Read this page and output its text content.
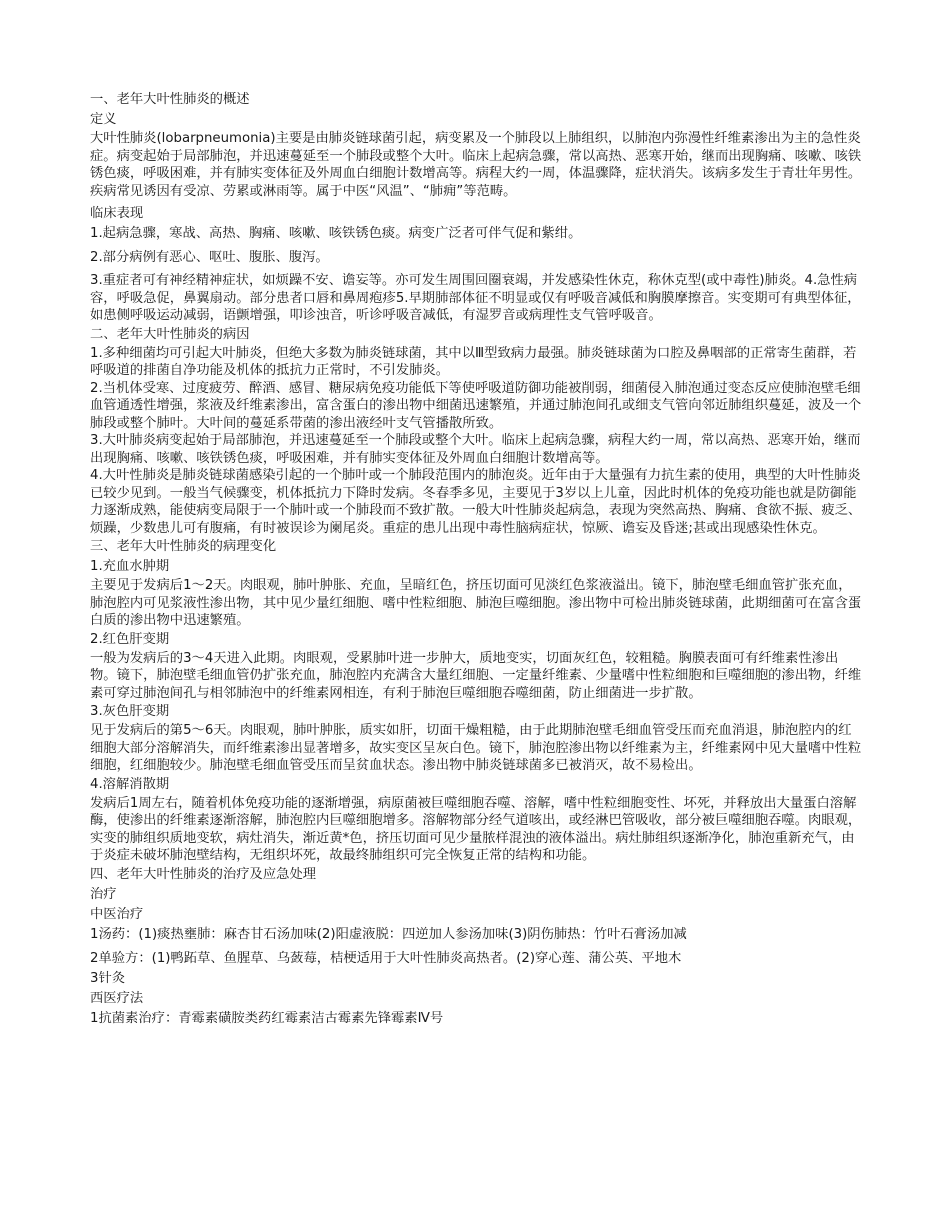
一、老年大叶性肺炎的概述

定义

大叶性肺炎(lobarpneumonia)主要是由肺炎链球菌引起，病变累及一个肺段以上肺组织，以肺泡内弥漫性纤维素渗出为主的急性炎症。病变起始于局部肺泡，并迅速蔓延至一个肺段或整个大叶。临床上起病急骤，常以高热、恶寒开始，继而出现胸痛、咳嗽、咳铁锈色痰，呼吸困难，并有肺实变体征及外周血白细胞计数增高等。病程大约一周，体温骤降，症状消失。该病多发生于青壮年男性。疾病常见诱因有受凉、劳累或淋雨等。属于中医“风温”、“肺痈”等范畴。

临床表现

1.起病急骤，寒战、高热、胸痛、咳嗽、咳铁锈色痰。病变广泛者可伴气促和紫绀。

2.部分病例有恶心、呕吐、腹胀、腹泻。

3.重症者可有神经精神症状，如烦躁不安、谵妄等。亦可发生周围回圈衰竭，并发感染性休克，称休克型(或中毒性)肺炎。4.急性病容，呼吸急促，鼻翼扇动。部分患者口唇和鼻周疱疹5.早期肺部体征不明显或仅有呼吸音减低和胸膜摩擦音。实变期可有典型体征，如患侧呼吸运动减弱，语颤增强，叩诊浊音，听诊呼吸音减低，有湿罗音或病理性支气管呼吸音。

二、老年大叶性肺炎的病因

1.多种细菌均可引起大叶肺炎，但绝大多数为肺炎链球菌，其中以Ⅲ型致病力最强。肺炎链球菌为口腔及鼻咽部的正常寄生菌群，若呼吸道的排菌自净功能及机体的抵抗力正常时，不引发肺炎。

2.当机体受寒、过度疲劳、醉酒、感冒、糖尿病免疫功能低下等使呼吸道防御功能被削弱，细菌侵入肺泡通过变态反应使肺泡壁毛细血管通透性增强，浆液及纤维素渗出，富含蛋白的渗出物中细菌迅速繁殖，并通过肺泡间孔或细支气管向邻近肺组织蔓延，波及一个肺段或整个肺叶。大叶间的蔓延系带菌的渗出液经叶支气管播散所致。

3.大叶肺炎病变起始于局部肺泡，并迅速蔓延至一个肺段或整个大叶。临床上起病急骤，病程大约一周，常以高热、恶寒开始，继而出现胸痛、咳嗽、咳铁锈色痰，呼吸困难，并有肺实变体征及外周血白细胞计数增高等。

4.大叶性肺炎是肺炎链球菌感染引起的一个肺叶或一个肺段范围内的肺泡炎。近年由于大量强有力抗生素的使用，典型的大叶性肺炎已较少见到。一般当气候骤变，机体抵抗力下降时发病。冬春季多见，主要见于3岁以上儿童，因此时机体的免疫功能也就是防御能力逐渐成熟，能使病变局限于一个肺叶或一个肺段而不致扩散。一般大叶性肺炎起病急，表现为突然高热、胸痛、食欲不振、疲乏、烦躁，少数患儿可有腹痛，有时被误诊为阑尾炎。重症的患儿出现中毒性脑病症状，惊厥、谵妄及昏迷;甚或出现感染性休克。

三、老年大叶性肺炎的病理变化

1.充血水肿期

主要见于发病后1～2天。肉眼观，肺叶肿胀、充血，呈暗红色，挤压切面可见淡红色浆液溢出。镜下，肺泡壁毛细血管扩张充血，肺泡腔内可见浆液性渗出物，其中见少量红细胞、嗜中性粒细胞、肺泡巨噬细胞。渗出物中可检出肺炎链球菌，此期细菌可在富含蛋白质的渗出物中迅速繁殖。

2.红色肝变期

一般为发病后的3～4天进入此期。肉眼观，受累肺叶进一步肿大，质地变实，切面灰红色，较粗糙。胸膜表面可有纤维素性渗出物。镜下，肺泡壁毛细血管仍扩张充血，肺泡腔内充满含大量红细胞、一定量纤维素、少量嗜中性粒细胞和巨噬细胞的渗出物，纤维素可穿过肺泡间孔与相邻肺泡中的纤维素网相连，有利于肺泡巨噬细胞吞噬细菌，防止细菌进一步扩散。

3.灰色肝变期

见于发病后的第5～6天。肉眼观，肺叶肿胀，质实如肝，切面干燥粗糙，由于此期肺泡壁毛细血管受压而充血消退，肺泡腔内的红细胞大部分溶解消失，而纤维素渗出显著增多，故实变区呈灰白色。镜下，肺泡腔渗出物以纤维素为主，纤维素网中见大量嗜中性粒细胞，红细胞较少。肺泡壁毛细血管受压而呈贫血状态。渗出物中肺炎链球菌多已被消灭，故不易检出。

4.溶解消散期

发病后1周左右，随着机体免疫功能的逐渐增强，病原菌被巨噬细胞吞噬、溶解，嗜中性粒细胞变性、坏死，并释放出大量蛋白溶解酶，使渗出的纤维素逐渐溶解，肺泡腔内巨噬细胞增多。溶解物部分经气道咳出，或经淋巴管吸收，部分被巨噬细胞吞噬。肉眼观，实变的肺组织质地变软，病灶消失，渐近黄*色，挤压切面可见少量脓样混浊的液体溢出。病灶肺组织逐渐净化，肺泡重新充气，由于炎症未破坏肺泡壁结构，无组织坏死，故最终肺组织可完全恢复正常的结构和功能。

四、老年大叶性肺炎的治疗及应急处理

治疗

中医治疗

1汤药：(1)痰热壅肺：麻杏甘石汤加味(2)阳虚液脱：四逆加人参汤加味(3)阴伤肺热：竹叶石膏汤加减

2单验方：(1)鸭跖草、鱼腥草、乌蔹莓，桔梗适用于大叶性肺炎高热者。(2)穿心莲、蒲公英、平地木

3针灸

西医疗法

1抗菌素治疗：青霉素磺胺类药红霉素洁古霉素先锋霉素Ⅳ号
